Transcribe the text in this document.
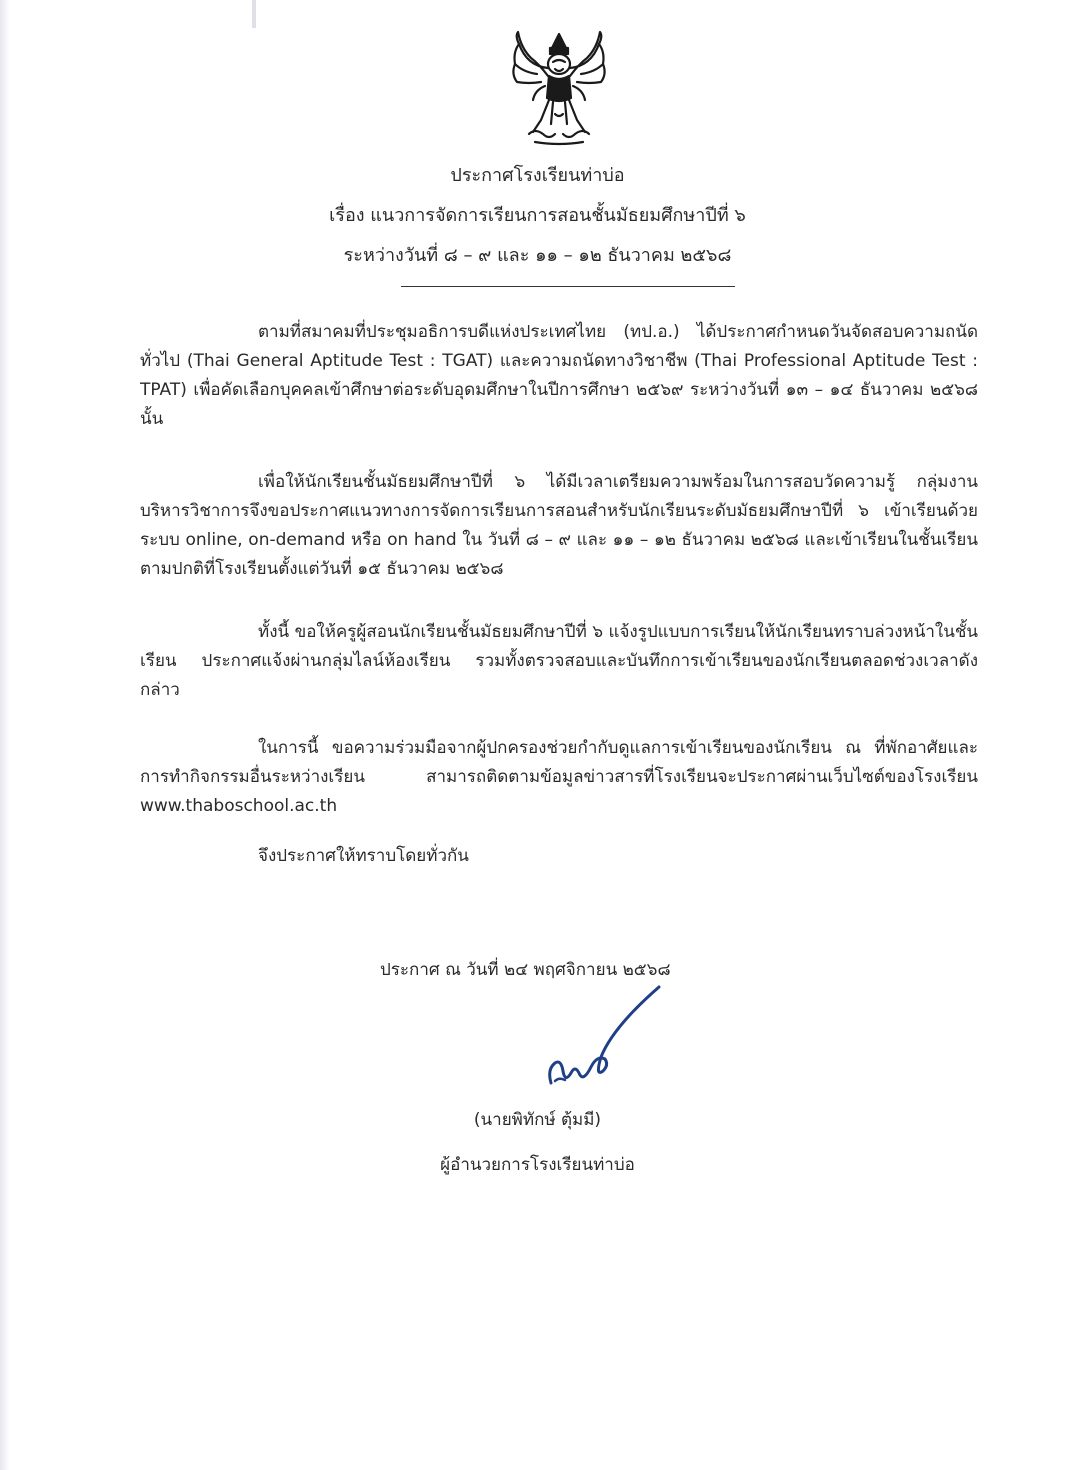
ประกาศโรงเรียนท่าบ่อ
เรื่อง แนวการจัดการเรียนการสอนชั้นมัธยมศึกษาปีที่ ๖
ระหว่างวันที่ ๘ – ๙ และ ๑๑ – ๑๒ ธันวาคม ๒๕๖๘
ตามที่สมาคมที่ประชุมอธิการบดีแห่งประเทศไทย (ทป.อ.) ได้ประกาศกำหนดวันจัดสอบความถนัดทั่วไป (Thai General Aptitude Test : TGAT) และความถนัดทางวิชาชีพ (Thai Professional Aptitude Test : TPAT) เพื่อคัดเลือกบุคคลเข้าศึกษาต่อระดับอุดมศึกษาในปีการศึกษา ๒๕๖๙ ระหว่างวันที่ ๑๓ – ๑๔ ธันวาคม ๒๕๖๘ นั้น
เพื่อให้นักเรียนชั้นมัธยมศึกษาปีที่ ๖ ได้มีเวลาเตรียมความพร้อมในการสอบวัดความรู้ กลุ่มงานบริหารวิชาการจึงขอประกาศแนวทางการจัดการเรียนการสอนสำหรับนักเรียนระดับมัธยมศึกษาปีที่ ๖ เข้าเรียนด้วยระบบ online, on-demand หรือ on hand ใน วันที่ ๘ – ๙ และ ๑๑ – ๑๒ ธันวาคม ๒๕๖๘ และเข้าเรียนในชั้นเรียนตามปกติที่โรงเรียนตั้งแต่วันที่ ๑๕ ธันวาคม ๒๕๖๘
ทั้งนี้ ขอให้ครูผู้สอนนักเรียนชั้นมัธยมศึกษาปีที่ ๖ แจ้งรูปแบบการเรียนให้นักเรียนทราบล่วงหน้าในชั้นเรียน ประกาศแจ้งผ่านกลุ่มไลน์ห้องเรียน รวมทั้งตรวจสอบและบันทึกการเข้าเรียนของนักเรียนตลอดช่วงเวลาดังกล่าว
ในการนี้ ขอความร่วมมือจากผู้ปกครองช่วยกำกับดูแลการเข้าเรียนของนักเรียน ณ ที่พักอาศัยและการทำกิจกรรมอื่นระหว่างเรียน สามารถติดตามข้อมูลข่าวสารที่โรงเรียนจะประกาศผ่านเว็บไซต์ของโรงเรียน www.thaboschool.ac.th
จึงประกาศให้ทราบโดยทั่วกัน
ประกาศ ณ วันที่ ๒๔ พฤศจิกายน ๒๕๖๘
(นายพิทักษ์ ตุ้มมี)
ผู้อำนวยการโรงเรียนท่าบ่อ
